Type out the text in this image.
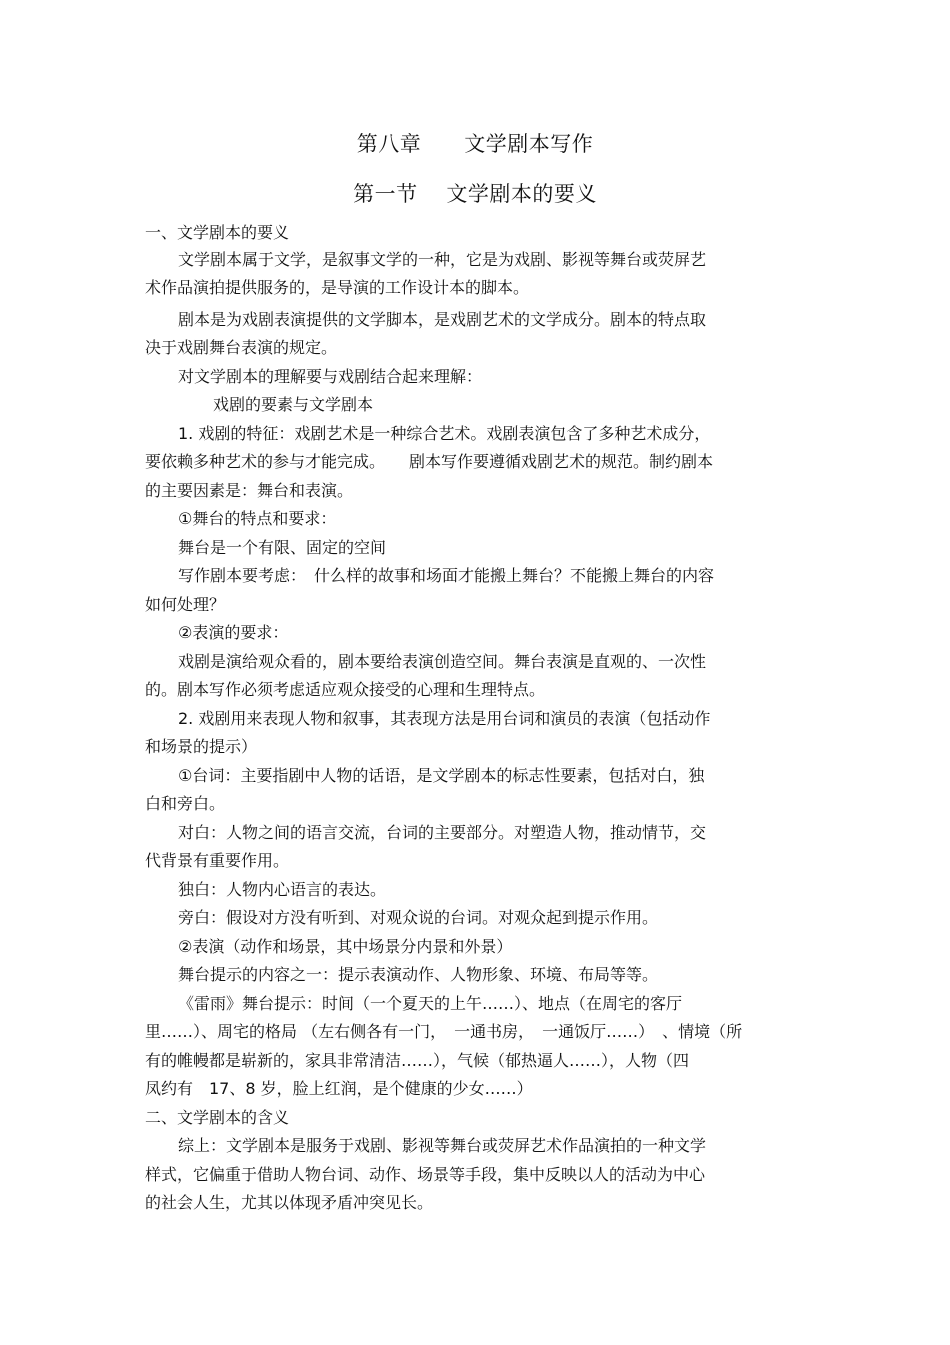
第八章　　文学剧本写作
第一节　 文学剧本的要义
一、文学剧本的要义
文学剧本属于文学，是叙事文学的一种，它是为戏剧、影视等舞台或荧屏艺
术作品演拍提供服务的，是导演的工作设计本的脚本。
剧本是为戏剧表演提供的文学脚本，是戏剧艺术的文学成分。剧本的特点取
决于戏剧舞台表演的规定。
对文学剧本的理解要与戏剧结合起来理解：
戏剧的要素与文学剧本
1. 戏剧的特征：戏剧艺术是一种综合艺术。戏剧表演包含了多种艺术成分，
要依赖多种艺术的参与才能完成。　　剧本写作要遵循戏剧艺术的规范。制约剧本
的主要因素是：舞台和表演。
①舞台的特点和要求：
舞台是一个有限、固定的空间
写作剧本要考虑：　什么样的故事和场面才能搬上舞台？不能搬上舞台的内容
如何处理？
②表演的要求：
戏剧是演给观众看的，剧本要给表演创造空间。舞台表演是直观的、一次性
的。剧本写作必须考虑适应观众接受的心理和生理特点。
2. 戏剧用来表现人物和叙事，其表现方法是用台词和演员的表演（包括动作
和场景的提示）
①台词：主要指剧中人物的话语，是文学剧本的标志性要素，包括对白，独
白和旁白。
对白：人物之间的语言交流，台词的主要部分。对塑造人物，推动情节，交
代背景有重要作用。
独白：人物内心语言的表达。
旁白：假设对方没有听到、对观众说的台词。对观众起到提示作用。
②表演（动作和场景，其中场景分内景和外景）
舞台提示的内容之一：提示表演动作、人物形象、环境、布局等等。
《雷雨》舞台提示：时间（一个夏天的上午……）、地点（在周宅的客厅
里……）、周宅的格局 （左右侧各有一门，　一通书房，　一通饭厅……）　、情境（所
有的帷幔都是崭新的，家具非常清洁……），气候（郁热逼人……），人物（四
凤约有　17、8 岁，脸上红润，是个健康的少女……）
二、文学剧本的含义
综上：文学剧本是服务于戏剧、影视等舞台或荧屏艺术作品演拍的一种文学
样式，它偏重于借助人物台词、动作、场景等手段，集中反映以人的活动为中心
的社会人生，尤其以体现矛盾冲突见长。
